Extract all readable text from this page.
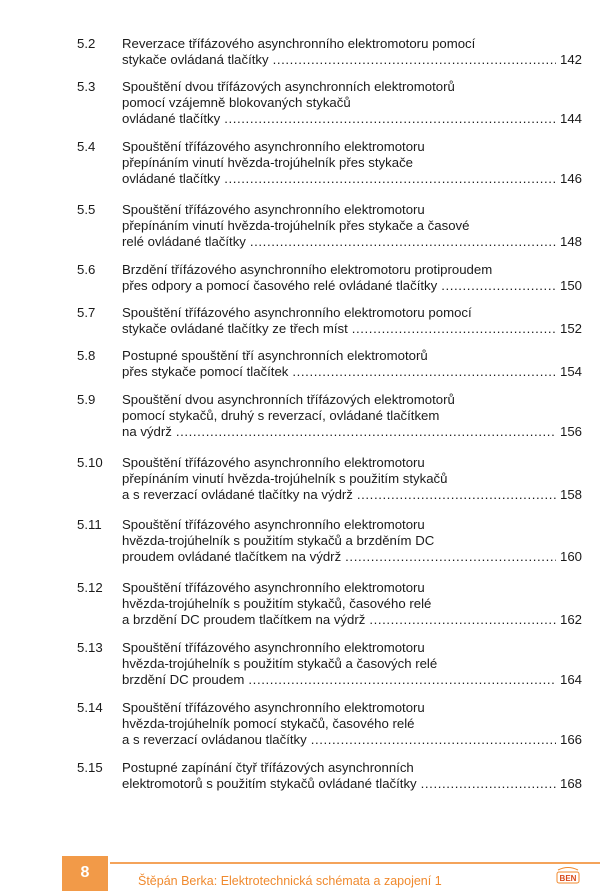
5.2	Reverzace třífázového asynchronního elektromotoru pomocí
stykače ovládaná tlačítky .....	142
5.3	Spouštění dvou třífázových asynchronních elektromotorů
pomocí vzájemně blokovaných stykačů
ovládané tlačítky .....	144
5.4	Spouštění třífázového asynchronního elektromotoru
přepínáním vinutí hvězda-trojúhelník přes stykače
ovládané tlačítky .....	146
5.5	Spouštění třífázového asynchronního elektromotoru
přepínáním vinutí hvězda-trojúhelník přes stykače a časové
relé ovládané tlačítky .....	148
5.6	Brzdění třífázového asynchronního elektromotoru protiproudem
přes odpory a pomocí časového relé ovládané tlačítky .....	150
5.7	Spouštění třífázového asynchronního elektromotoru pomocí
stykače ovládané tlačítky ze třech míst .....	152
5.8	Postupné spouštění tří asynchronních elektromotorů
přes stykače pomocí tlačítek .....	154
5.9	Spouštění dvou asynchronních třífázových elektromotorů
pomocí stykačů, druhý s reverzací, ovládané tlačítkem
na výdrž .....	156
5.10	Spouštění třífázového asynchronního elektromotoru
přepínáním vinutí hvězda-trojúhelník s použitím stykačů
a s reverzací ovládané tlačítky na výdrž .....	158
5.11	Spouštění třífázového asynchronního elektromotoru
hvězda-trojúhelník s použitím stykačů a brzděním DC
proudem ovládané tlačítkem na výdrž .....	160
5.12	Spouštění třífázového asynchronního elektromotoru
hvězda-trojúhelník s použitím stykačů, časového relé
a brzdění DC proudem tlačítkem na výdrž .....	162
5.13	Spouštění třífázového asynchronního elektromotoru
hvězda-trojúhelník s použitím stykačů a časových relé
brzdění DC proudem .....	164
5.14	Spouštění třífázového asynchronního elektromotoru
hvězda-trojúhelník pomocí stykačů, časového relé
a s reverzací ovládanou tlačítky .....	166
5.15	Postupné zapínání čtyř třífázových asynchronních
elektromotorů s použitím stykačů ovládané tlačítky .....	168
8	Štěpán Berka: Elektrotechnická schémata a zapojení 1	BEN
